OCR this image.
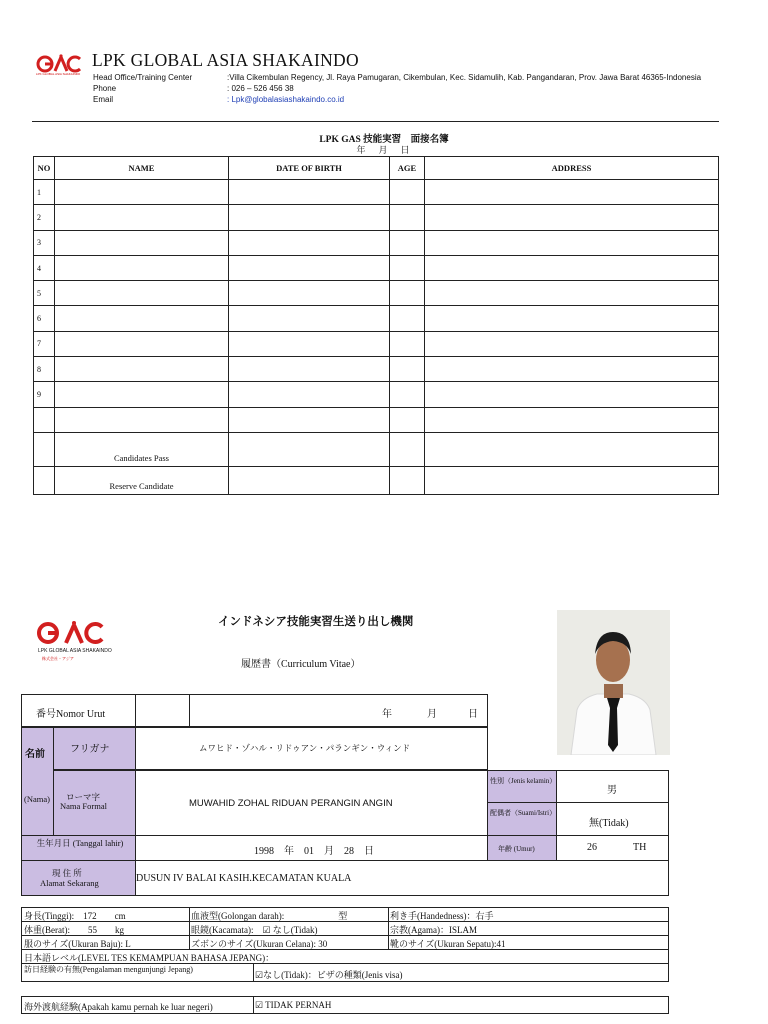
LPK GLOBAL ASIA SHAKAINDO
LPK GLOBAL ASIA SHAKAINDO
Head Office/Training Center	:Villa Cikembulan Regency, Jl. Raya Pamugaran, Cikembulan, Kec. Sidamulih, Kab. Pangandaran, Prov. Jawa Barat 46365-Indonesia
Phone	: 026 – 526 456 38
Email	: Lpk@globalasiashakaindo.co.id
LPK GAS 技能実習　面接名簿
年　月　日
NO	NAME	DATE OF BIRTH	AGE	ADDRESS
1				
2				
3				
4				
5				
6				
7				
8				
9				

	Candidates Pass			
	Reserve Candidate			
LPK GLOBAL ASIA SHAKAINDO
株式会社・アジア
インドネシア技能実習生送り出し機関
履歴書（Curriculum Vitae）
番号Nomor Urut	年	月	日
名前
(Nama)
フリガナ	ムワヒド・ゾハル・リドゥアン・パランギン・ウィンド
ローマ字
Nama Formal	MUWAHID ZOHAL RIDUAN PERANGIN ANGIN
性別（Jenis kelamin）
男
配偶者（Suami/Istri）
無(Tidak)
生年月日 (Tanggal lahir)
1998　年　01　月　28　日	年齢 (Umur)	26	TH
現 住 所
Alamat Sekarang	DUSUN IV BALAI KASIH.KECAMATAN KUALA
身長(Tinggi):　172　　cm	血液型(Golongan darah):　　　　　　型	利き手(Handedness)：右手
体重(Berat):　　55　　kg	眼鏡(Kacamata):　☑ なし(Tidak)	宗教(Agama)：ISLAM
服のサイズ(Ukuran Baju): L	ズボンのサイズ(Ukuran Celana): 30	靴のサイズ(Ukuran Sepatu):41
日本語レベル(LEVEL TES KEMAMPUAN BAHASA JEPANG)：
訪日経験の有無(Pengalaman mengunjungi Jepang)
☑なし(Tidak)：ビザの種類(Jenis visa)
海外渡航経験(Apakah kamu pernah ke luar negeri)	☑ TIDAK PERNAH
